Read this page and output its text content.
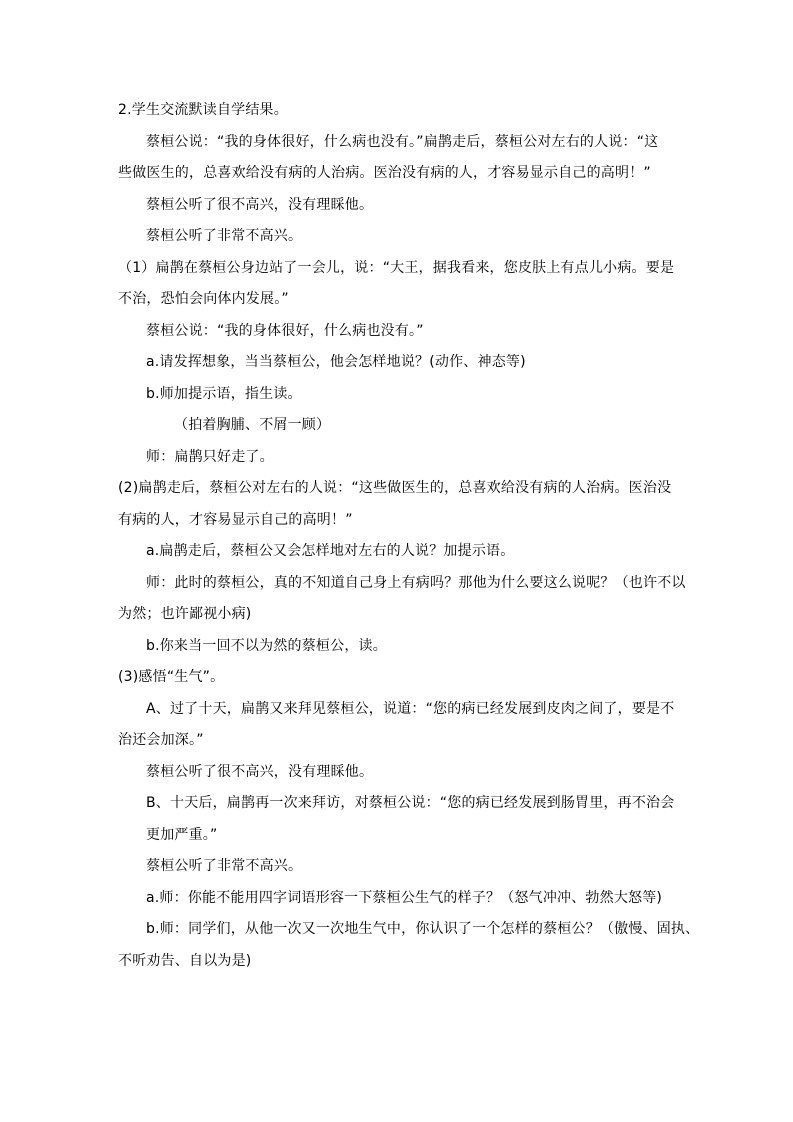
2.学生交流默读自学结果。
蔡桓公说：“我的身体很好，什么病也没有。”扁鹊走后，蔡桓公对左右的人说：“这
些做医生的，总喜欢给没有病的人治病。医治没有病的人，才容易显示自己的高明！”
蔡桓公听了很不高兴，没有理睬他。
蔡桓公听了非常不高兴。
（1）扁鹊在蔡桓公身边站了一会儿，说：“大王，据我看来，您皮肤上有点儿小病。要是
不治，恐怕会向体内发展。”
蔡桓公说：“我的身体很好，什么病也没有。”
a.请发挥想象，当当蔡桓公，他会怎样地说？(动作、神态等)
b.师加提示语，指生读。
（拍着胸脯、不屑一顾）
师：扁鹊只好走了。
(2)扁鹊走后，蔡桓公对左右的人说：“这些做医生的，总喜欢给没有病的人治病。医治没
有病的人，才容易显示自己的高明！”
a.扁鹊走后，蔡桓公又会怎样地对左右的人说？加提示语。
师：此时的蔡桓公，真的不知道自己身上有病吗？那他为什么要这么说呢？（也许不以
为然；也许鄙视小病)
b.你来当一回不以为然的蔡桓公，读。
(3)感悟“生气”。
A、过了十天，扁鹊又来拜见蔡桓公，说道：“您的病已经发展到皮肉之间了，要是不
治还会加深。”
蔡桓公听了很不高兴，没有理睬他。
B、十天后，扁鹊再一次来拜访，对蔡桓公说：“您的病已经发展到肠胃里，再不治会
更加严重。”
蔡桓公听了非常不高兴。
a.师：你能不能用四字词语形容一下蔡桓公生气的样子？（怒气冲冲、勃然大怒等)
b.师：同学们，从他一次又一次地生气中，你认识了一个怎样的蔡桓公？（傲慢、固执、
不听劝告、自以为是)
